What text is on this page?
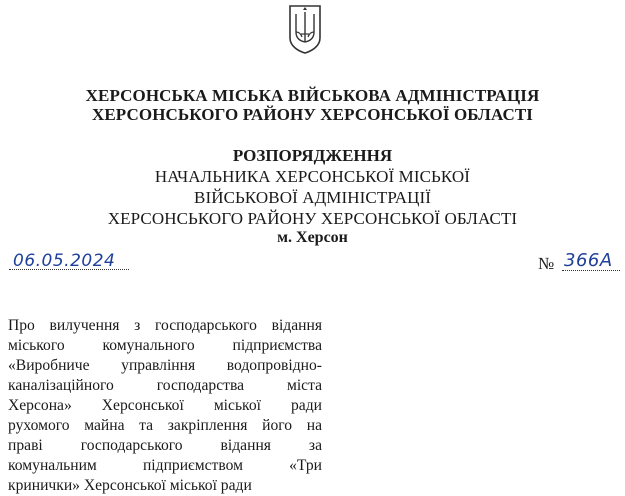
ХЕРСОНСЬКА МІСЬКА ВІЙСЬКОВА АДМІНІСТРАЦІЯ
ХЕРСОНСЬКОГО РАЙОНУ ХЕРСОНСЬКОЇ ОБЛАСТІ
РОЗПОРЯДЖЕННЯ
НАЧАЛЬНИКА ХЕРСОНСЬКОЇ МІСЬКОЇ
ВІЙСЬКОВОЇ АДМІНІСТРАЦІЇ
ХЕРСОНСЬКОГО РАЙОНУ ХЕРСОНСЬКОЇ ОБЛАСТІ
м. Херсон
06.05.2024	№ 366А
Про вилучення з господарського відання
міського комунального підприємства
«Виробниче управління водопровідно-
каналізаційного господарства міста
Херсона» Херсонської міської ради
рухомого майна та закріплення його на
праві господарського відання за
комунальним підприємством «Три
кринички» Херсонської міської ради
